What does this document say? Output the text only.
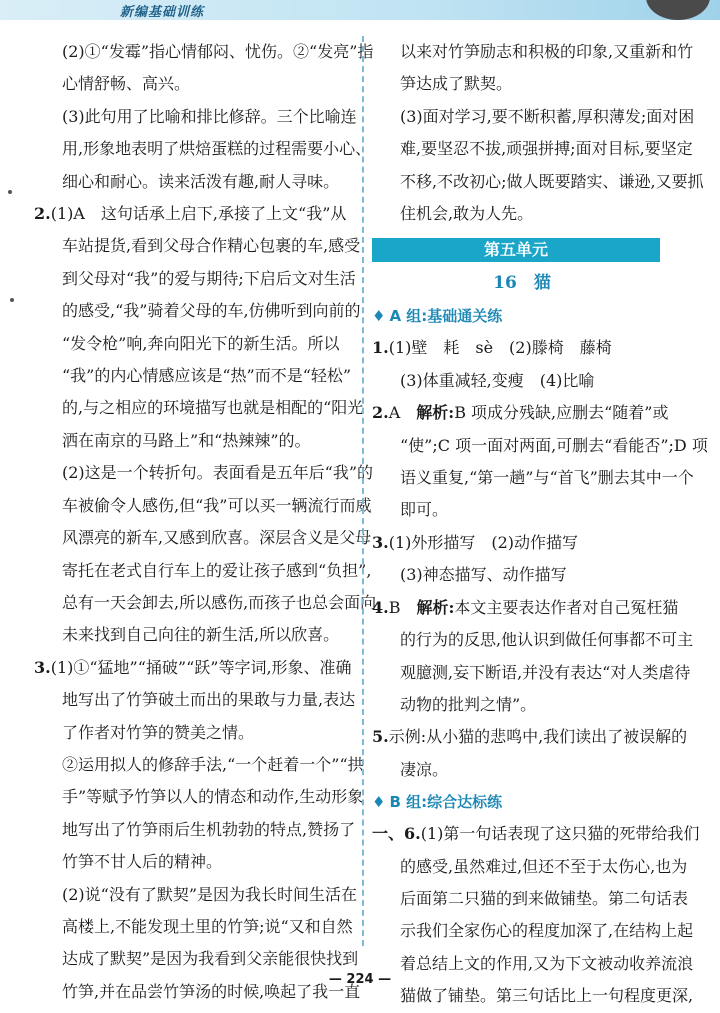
新编基础训练

(2)①“发霉”指心情郁闷、忧伤。②“发亮”指

心情舒畅、高兴。

(3)此句用了比喻和排比修辞。三个比喻连

用,形象地表明了烘焙蛋糕的过程需要小心、

细心和耐心。读来活泼有趣,耐人寻味。

2.(1)A　这句话承上启下,承接了上文“我”从

车站提货,看到父母合作精心包裹的车,感受

到父母对“我”的爱与期待;下启后文对生活

的感受,“我”骑着父母的车,仿佛听到向前的

“发令枪”响,奔向阳光下的新生活。所以

“我”的内心情感应该是“热”而不是“轻松”

的,与之相应的环境描写也就是相配的“阳光

洒在南京的马路上”和“热辣辣”的。

(2)这是一个转折句。表面看是五年后“我”的

车被偷令人感伤,但“我”可以买一辆流行而威

风漂亮的新车,又感到欣喜。深层含义是父母

寄托在老式自行车上的爱让孩子感到“负担”,

总有一天会卸去,所以感伤,而孩子也总会面向

未来找到自己向往的新生活,所以欣喜。

3.(1)①“猛地”“捅破”“跃”等字词,形象、准确

地写出了竹笋破土而出的果敢与力量,表达

了作者对竹笋的赞美之情。

②运用拟人的修辞手法,“一个赶着一个”“拱

手”等赋予竹笋以人的情态和动作,生动形象

地写出了竹笋雨后生机勃勃的特点,赞扬了

竹笋不甘人后的精神。

(2)说“没有了默契”是因为我长时间生活在

高楼上,不能发现土里的竹笋;说“又和自然

达成了默契”是因为我看到父亲能很快找到

竹笋,并在品尝竹笋汤的时候,唤起了我一直

以来对竹笋励志和积极的印象,又重新和竹

笋达成了默契。

(3)面对学习,要不断积蓄,厚积薄发;面对困

难,要坚忍不拔,顽强拼搏;面对目标,要坚定

不移,不改初心;做人既要踏实、谦逊,又要抓

住机会,敢为人先。

第五单元

16　猫

♦ A 组:基础通关练

1.(1)壁　耗　sè　(2)滕椅　藤椅

(3)体重减轻,变瘦　(4)比喻

2.A　解析:B 项成分残缺,应删去“随着”或

“使”;C 项一面对两面,可删去“看能否”;D 项

语义重复,“第一趟”与“首飞”删去其中一个

即可。

3.(1)外形描写　(2)动作描写

(3)神态描写、动作描写

4.B　解析:本文主要表达作者对自己冤枉猫

的行为的反思,他认识到做任何事都不可主

观臆测,妄下断语,并没有表达“对人类虐待

动物的批判之情”。

5.示例:从小猫的悲鸣中,我们读出了被误解的

凄凉。

♦ B 组:综合达标练

一、6.(1)第一句话表现了这只猫的死带给我们

的感受,虽然难过,但还不至于太伤心,也为

后面第二只猫的到来做铺垫。第二句话表

示我们全家伤心的程度加深了,在结构上起

着总结上文的作用,又为下文被动收养流浪

猫做了铺垫。第三句话比上一句程度更深,

— 224 —
